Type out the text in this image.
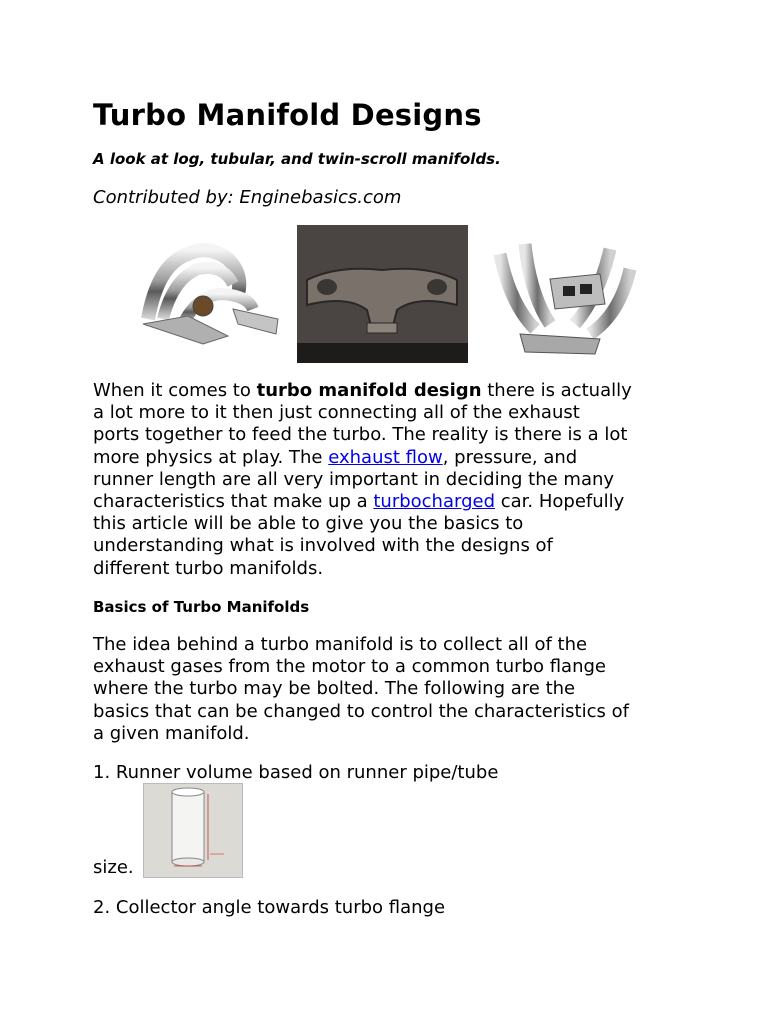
Turbo Manifold Designs
A look at log, tubular, and twin-scroll manifolds.
Contributed by: Enginebasics.com
When it comes to turbo manifold design there is actually
a lot more to it then just connecting all of the exhaust
ports together to feed the turbo. The reality is there is a lot
more physics at play. The exhaust flow, pressure, and
runner length are all very important in deciding the many
characteristics that make up a turbocharged car. Hopefully
this article will be able to give you the basics to
understanding what is involved with the designs of
different turbo manifolds.
Basics of Turbo Manifolds
The idea behind a turbo manifold is to collect all of the
exhaust gases from the motor to a common turbo flange
where the turbo may be bolted. The following are the
basics that can be changed to control the characteristics of
a given manifold.
1. Runner volume based on runner pipe/tube
size.
2. Collector angle towards turbo flange
